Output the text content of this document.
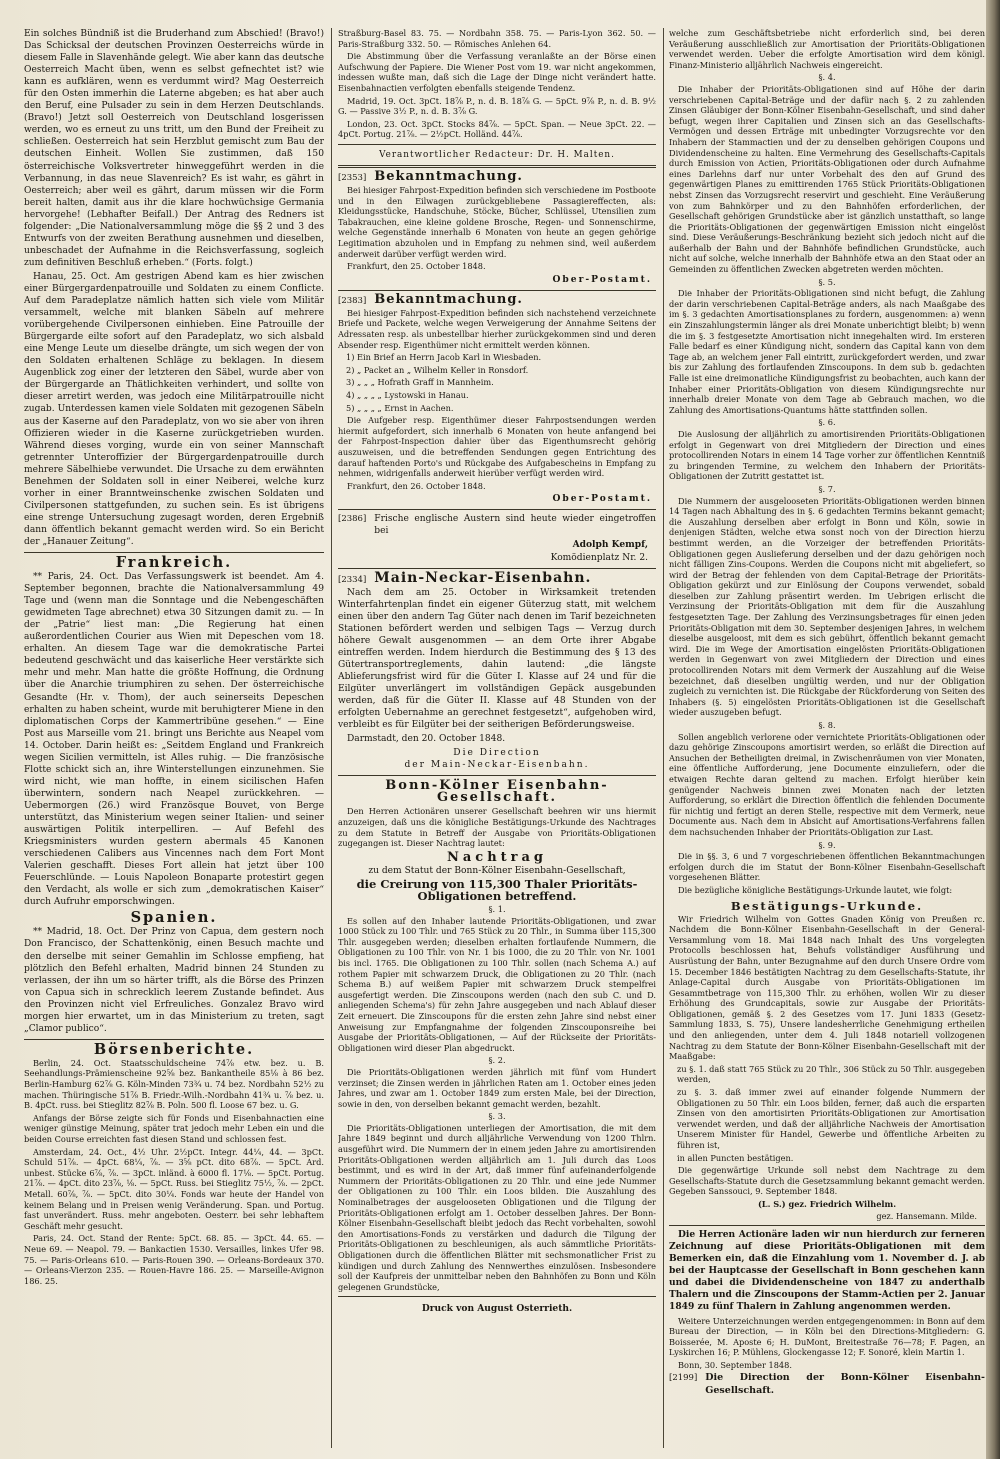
Ein solches Bündniß ist die Bruderhand zum Abschied! (Bravo!) Das Schicksal der deutschen Provinzen Oesterreichs würde in diesem Falle in Slavenhände gelegt. Wie aber kann das deutsche Oesterreich Macht üben, wenn es selbst gefnechtet ist? wie kann es aufklären, wenn es verdummt wird? Mag Oesterreich für den Osten immerhin die Laterne abgeben; es hat aber auch den Beruf, eine Pulsader zu sein in dem Herzen Deutschlands. (Bravo!) Jetzt soll Oesterreich von Deutschland losgerissen werden, wo es erneut zu uns tritt, um den Bund der Freiheit zu schließen. Oesterreich hat sein Herzblut gemischt zum Bau der deutschen Einheit. Wollen Sie zustimmen, daß 150 österreichische Volksvertreter hinweggeführt werden in die Verbannung, in das neue Slavenreich? Es ist wahr, es gährt in Oesterreich; aber weil es gährt, darum müssen wir die Form bereit halten, damit aus ihr die klare hochwüchsige Germania hervorgehe! (Lebhafter Beifall.) Der Antrag des Redners ist folgender: „Die Nationalversammlung möge die §§ 2 und 3 des Entwurfs von der zweiten Berathung ausnehmen und dieselben, unbeschadet der Aufnahme in die Reichsverfassung, sogleich zum definitiven Beschluß erheben.“ (Forts. folgt.)

Hanau, 25. Oct. Am gestrigen Abend kam es hier zwischen einer Bürgergardenpatrouille und Soldaten zu einem Conflicte. Auf dem Paradeplatze nämlich hatten sich viele vom Militär versammelt, welche mit blanken Säbeln auf mehrere vorübergehende Civilpersonen einhieben. Eine Patrouille der Bürgergarde eilte sofort auf den Paradeplatz, wo sich alsbald eine Menge Leute um dieselbe drängte, um sich wegen der von den Soldaten erhaltenen Schläge zu beklagen. In diesem Augenblick zog einer der letzteren den Säbel, wurde aber von der Bürgergarde an Thätlichkeiten verhindert, und sollte von dieser arretirt werden, was jedoch eine Militärpatrouille nicht zugab. Unterdessen kamen viele Soldaten mit gezogenen Säbeln aus der Kaserne auf den Paradeplatz, von wo sie aber von ihren Offizieren wieder in die Kaserne zurückgetrieben wurden. Während dieses vorging, wurde ein von seiner Mannschaft getrennter Unteroffizier der Bürgergardenpatrouille durch mehrere Säbelhiebe verwundet. Die Ursache zu dem erwähnten Benehmen der Soldaten soll in einer Neiberei, welche kurz vorher in einer Branntweinschenke zwischen Soldaten und Civilpersonen stattgefunden, zu suchen sein. Es ist übrigens eine strenge Untersuchung zugesagt worden, deren Ergebniß dann öffentlich bekannt gemacht werden wird. So ein Bericht der „Hanauer Zeitung“.

Frankreich.

** Paris, 24. Oct. Das Verfassungswerk ist beendet. Am 4. September begonnen, brachte die Nationalversammlung 49 Tage und (wenn man die Sonntage und die Nebengeschäften gewidmeten Tage abrechnet) etwa 30 Sitzungen damit zu. — In der „Patrie“ liest man: „Die Regierung hat einen außerordentlichen Courier aus Wien mit Depeschen vom 18. erhalten. An diesem Tage war die demokratische Partei bedeutend geschwächt und das kaiserliche Heer verstärkte sich mehr und mehr. Man hatte die größte Hoffnung, die Ordnung über die Anarchie triumphiren zu sehen. Der österreichische Gesandte (Hr. v. Thom), der auch seinerseits Depeschen erhalten zu haben scheint, wurde mit beruhigterer Miene in den diplomatischen Corps der Kammertribüne gesehen.“ — Eine Post aus Marseille vom 21. bringt uns Berichte aus Neapel vom 14. October. Darin heißt es: „Seitdem England und Frankreich wegen Sicilien vermitteln, ist Alles ruhig. — Die französische Flotte schickt sich an, ihre Winterstellungen einzunehmen. Sie wird nicht, wie man hoffte, in einem sicilischen Hafen überwintern, sondern nach Neapel zurückkehren. — Uebermorgen (26.) wird Französque Bouvet, von Berge unterstützt, das Ministerium wegen seiner Italien- und seiner auswärtigen Politik interpelliren. — Auf Befehl des Kriegsministers wurden gestern abermals 45 Kanonen verschiedenen Calibers aus Vincennes nach dem Fort Mont Valerien geschafft. Dieses Fort allein hat jetzt über 100 Feuerschlünde. — Louis Napoleon Bonaparte protestirt gegen den Verdacht, als wolle er sich zum „demokratischen Kaiser“ durch Aufruhr emporschwingen.

Spanien.

** Madrid, 18. Oct. Der Prinz von Capua, dem gestern noch Don Francisco, der Schattenkönig, einen Besuch machte und den derselbe mit seiner Gemahlin im Schlosse empfieng, hat plötzlich den Befehl erhalten, Madrid binnen 24 Stunden zu verlassen, der ihn um so härter trifft, als die Börse des Prinzen von Capua sich in schrecklich leerem Zustande befindet. Aus den Provinzen nicht viel Erfreuliches. Gonzalez Bravo wird morgen hier erwartet, um in das Ministerium zu treten, sagt „Clamor publico“.

Börsenberichte.

Berlin, 24. Oct. Staatsschuldscheine 74⅞ etw. bez. u. B. Seehandlungs-Prämienscheine 92⅝ bez. Bankantheile 85⅛ à 86 bez. Berlin-Hamburg 62⅞ G. Köln-Minden 73¾ u. 74 bez. Nordbahn 52½ zu machen. Thüringische 51⅞ B. Friedr.-Wilh.-Nordbahn 41¾ u. ⅞ bez. u. B. 4pCt. russ. bei Stieglitz 82⅞ B. Poln. 500 fl. Loose 67 bez. u. G.

Anfangs der Börse zeigte sich für Fonds und Eisenbahnactien eine weniger günstige Meinung, später trat jedoch mehr Leben ein und die beiden Course erreichten fast diesen Stand und schlossen fest.

Amsterdam, 24. Oct., 4½ Uhr. 2½pCt. Integr. 44¼, 44. — 3pCt. Schuld 51⅞. — 4pCt. 68¼, ⅞. — 3⅝ pCt. dito 68⅞. — 5pCt. Ard. unbest. Stücke 6⅞, ⅞. — 3pCt. inländ. à 6000 fl. 17⅛. — 5pCt. Portug. 21⅞. — 4pCt. dito 23⅞, ⅛. — 5pCt. Russ. bei Stieglitz 75½, ⅞. — 2pCt. Metall. 60⅞, ⅞. — 5pCt. dito 30¼. Fonds war heute der Handel von keinem Belang und in Preisen wenig Veränderung. Span. und Portug. fast unverändert. Russ. mehr angeboten. Oesterr. bei sehr lebhaftem Geschäft mehr gesucht.

Paris, 24. Oct. Stand der Rente: 5pCt. 68. 85. — 3pCt. 44. 65. — Neue 69. — Neapol. 79. — Bankactien 1530. Versailles, linkes Ufer 98. 75. — Paris-Orleans 610. — Paris-Rouen 390. — Orleans-Bordeaux 370. — Orleans-Vierzon 235. — Rouen-Havre 186. 25. — Marseille-Avignon 186. 25.

Straßburg-Basel 83. 75. — Nordbahn 358. 75. — Paris-Lyon 362. 50. — Paris-Straßburg 332. 50. — Römisches Anlehen 64.

Die Abstimmung über die Verfassung veranlaßte an der Börse einen Aufschwung der Papiere. Die Wiener Post vom 19. war nicht angekommen, indessen wußte man, daß sich die Lage der Dinge nicht verändert hatte. Eisenbahnactien verfolgten ebenfalls steigende Tendenz.

Madrid, 19. Oct. 3pCt. 18⅞ P., n. d. B. 18⅞ G. — 5pCt. 9⅞ P., n. d. B. 9½ G. — Passive 3½ P., n. d. B. 3⅞ G.

London, 23. Oct. 3pCt. Stocks 84⅞. — 5pCt. Span. — Neue 3pCt. 22. — 4pCt. Portug. 21⅞. — 2½pCt. Holländ. 44⅞.

Verantwortlicher Redacteur: Dr. H. Malten.
[2353] Bekanntmachung.

Bei hiesiger Fahrpost-Expedition befinden sich verschiedene im Postboote und in den Eilwagen zurückgebliebene Passagiereffecten, als: Kleidungsstücke, Handschuhe, Stöcke, Bücher, Schlüssel, Utensilien zum Tabakrauchen, eine kleine goldene Brosche, Regen- und Sonnenschirme, welche Gegenstände innerhalb 6 Monaten von heute an gegen gehörige Legitimation abzuholen und in Empfang zu nehmen sind, weil außerdem anderweit darüber verfügt werden wird.

Frankfurt, den 25. October 1848.

Ober-Postamt.
[2383] Bekanntmachung.

Bei hiesiger Fahrpost-Expedition befinden sich nachstehend verzeichnete Briefe und Packete, welche wegen Verweigerung der Annahme Seitens der Adressaten resp. als unbestellbar hierher zurückgekommen sind und deren Absender resp. Eigenthümer nicht ermittelt werden können.

1) Ein Brief an Herrn Jacob Karl in Wiesbaden.

2) „ Packet an „ Wilhelm Keller in Ronsdorf.

3) „ „ „ Hofrath Graff in Mannheim.

4) „ „ „ „ Lystowski in Hanau.

5) „ „ „ „ Ernst in Aachen.

Die Aufgeber resp. Eigenthümer dieser Fahrpostsendungen werden hiermit aufgefordert, sich innerhalb 6 Monaten von heute anfangend bei der Fahrpost-Inspection dahier über das Eigenthumsrecht gehörig auszuweisen, und die betreffenden Sendungen gegen Entrichtung des darauf haftenden Porto's und Rückgabe des Aufgabescheins in Empfang zu nehmen, widrigenfalls anderweit hierüber verfügt werden wird.

Frankfurt, den 26. October 1848.

Ober-Postamt.
[2386] Frische englische Austern sind heute wieder eingetroffen bei
Adolph Kempf,
Komödienplatz Nr. 2.
[2334] Main-Neckar-Eisenbahn.

Nach dem am 25. October in Wirksamkeit tretenden Winterfahrtenplan findet ein eigener Güterzug statt, mit welchem einen über den andern Tag Güter nach denen im Tarif bezeichneten Stationen befördert werden und selbigen Tags — Verzug durch höhere Gewalt ausgenommen — an dem Orte ihrer Abgabe eintreffen werden. Indem hierdurch die Bestimmung des § 13 des Gütertransportreglements, dahin lautend: „die längste Ablieferungsfrist wird für die Güter I. Klasse auf 24 und für die Eilgüter unverlängert im vollständigen Gepäck ausgebunden werden, daß für die Güter II. Klasse auf 48 Stunden von der erfolgten Uebernahme an gerechnet festgesetzt“, aufgehoben wird, verbleibt es für Eilgüter bei der seitherigen Beförderungsweise.

Darmstadt, den 20. October 1848.

Die Direction
der Main-Neckar-Eisenbahn.
Bonn-Kölner Eisenbahn-Gesellschaft.

Den Herren Actionären unserer Gesellschaft beehren wir uns hiermit anzuzeigen, daß uns die königliche Bestätigungs-Urkunde des Nachtrages zu dem Statute in Betreff der Ausgabe von Prioritäts-Obligationen zugegangen ist. Dieser Nachtrag lautet:

Nachtrag
zu dem Statut der Bonn-Kölner Eisenbahn-Gesellschaft,
die Creirung von 115,300 Thaler Prioritäts-Obligationen betreffend.
§. 1.

Es sollen auf den Inhaber lautende Prioritäts-Obligationen, und zwar 1000 Stück zu 100 Thlr. und 765 Stück zu 20 Thlr., in Summa über 115,300 Thlr. ausgegeben werden; dieselben erhalten fortlaufende Nummern, die Obligationen zu 100 Thlr. von Nr. 1 bis 1000, die zu 20 Thlr. von Nr. 1001 bis incl. 1765. Die Obligationen zu 100 Thlr. sollen (nach Schema A.) auf rothem Papier mit schwarzem Druck, die Obligationen zu 20 Thlr. (nach Schema B.) auf weißem Papier mit schwarzem Druck stempelfrei ausgefertigt werden. Die Zinscoupons werden (nach den sub C. und D. anliegenden Schema's) für zehn Jahre ausgegeben und nach Ablauf dieser Zeit erneuert. Die Zinscoupons für die ersten zehn Jahre sind nebst einer Anweisung zur Empfangnahme der folgenden Zinscouponsreihe bei Ausgabe der Prioritäts-Obligationen, — Auf der Rückseite der Prioritäts-Obligationen wird dieser Plan abgedruckt.

§. 2.

Die Prioritäts-Obligationen werden jährlich mit fünf vom Hundert verzinset; die Zinsen werden in jährlichen Raten am 1. October eines jeden Jahres, und zwar am 1. October 1849 zum ersten Male, bei der Direction, sowie in den, von derselben bekannt gemacht werden, bezahlt.

§. 3.

Die Prioritäts-Obligationen unterliegen der Amortisation, die mit dem Jahre 1849 beginnt und durch alljährliche Verwendung von 1200 Thlrn. ausgeführt wird. Die Nummern der in einem jeden Jahre zu amortisirenden Prioritäts-Obligationen werden alljährlich am 1. Juli durch das Loos bestimmt, und es wird in der Art, daß immer fünf aufeinanderfolgende Nummern der Prioritäts-Obligationen zu 20 Thlr. und eine jede Nummer der Obligationen zu 100 Thlr. ein Loos bilden. Die Auszahlung des Nominalbetrages der ausgelooseten Obligationen und die Tilgung der Prioritäts-Obligationen erfolgt am 1. October desselben Jahres. Der Bonn-Kölner Eisenbahn-Gesellschaft bleibt jedoch das Recht vorbehalten, sowohl den Amortisations-Fonds zu verstärken und dadurch die Tilgung der Prioritäts-Obligationen zu beschleunigen, als auch sämmtliche Prioritäts-Obligationen durch die öffentlichen Blätter mit sechsmonatlicher Frist zu kündigen und durch Zahlung des Nennwerthes einzulösen. Insbesondere soll der Kaufpreis der unmittelbar neben den Bahnhöfen zu Bonn und Köln gelegenen Grundstücke,

Druck von August Osterrieth.

welche zum Geschäftsbetriebe nicht erforderlich sind, bei deren Veräußerung ausschließlich zur Amortisation der Prioritäts-Obligationen verwendet werden. Ueber die erfolgte Amortisation wird dem königl. Finanz-Ministerio alljährlich Nachweis eingereicht.

§. 4.

Die Inhaber der Prioritäts-Obligationen sind auf Höhe der darin verschriebenen Capital-Beträge und der dafür nach §. 2 zu zahlenden Zinsen Gläubiger der Bonn-Kölner Eisenbahn-Gesellschaft, und sind daher befugt, wegen ihrer Capitalien und Zinsen sich an das Gesellschafts-Vermögen und dessen Erträge mit unbedingter Vorzugsrechte vor den Inhabern der Stammactien und der zu denselben gehörigen Coupons und Dividendenscheine zu halten. Eine Vermehrung des Gesellschafts-Capitals durch Emission von Actien, Prioritäts-Obligationen oder durch Aufnahme eines Darlehns darf nur unter Vorbehalt des den auf Grund des gegenwärtigen Planes zu emittirenden 1765 Stück Prioritäts-Obligationen nebst Zinsen das Vorzugsrecht reservirt und geschieht. Eine Veräußerung von zum Bahnkörper und zu den Bahnhöfen erforderlichen, der Gesellschaft gehörigen Grundstücke aber ist gänzlich unstatthaft, so lange die Prioritäts-Obligationen der gegenwärtigen Emission nicht eingelöst sind. Diese Veräußerungs-Beschränkung bezieht sich jedoch nicht auf die außerhalb der Bahn und der Bahnhöfe befindlichen Grundstücke, auch nicht auf solche, welche innerhalb der Bahnhöfe etwa an den Staat oder an Gemeinden zu öffentlichen Zwecken abgetreten werden möchten.

§. 5.

Die Inhaber der Prioritäts-Obligationen sind nicht befugt, die Zahlung der darin verschriebenen Capital-Beträge anders, als nach Maaßgabe des im §. 3 gedachten Amortisationsplanes zu fordern, ausgenommen: a) wenn ein Zinszahlungstermin länger als drei Monate unberichtigt bleibt; b) wenn die im §. 3 festgesetzte Amortisation nicht innegehalten wird. Im ersteren Falle bedarf es einer Kündigung nicht, sondern das Capital kann von dem Tage ab, an welchem jener Fall eintritt, zurückgefordert werden, und zwar bis zur Zahlung des fortlaufenden Zinscoupons. In dem sub b. gedachten Falle ist eine dreimonatliche Kündigungsfrist zu beobachten, auch kann der Inhaber einer Prioritäts-Obligation von diesem Kündigungsrechte nur innerhalb dreier Monate von dem Tage ab Gebrauch machen, wo die Zahlung des Amortisations-Quantums hätte stattfinden sollen.

§. 6.

Die Auslosung der alljährlich zu amortisirenden Prioritäts-Obligationen erfolgt in Gegenwart von drei Mitgliedern der Direction und eines protocollirenden Notars in einem 14 Tage vorher zur öffentlichen Kenntniß zu bringenden Termine, zu welchem den Inhabern der Prioritäts-Obligationen der Zutritt gestattet ist.

§. 7.

Die Nummern der ausgelooseten Prioritäts-Obligationen werden binnen 14 Tagen nach Abhaltung des in §. 6 gedachten Termins bekannt gemacht; die Auszahlung derselben aber erfolgt in Bonn und Köln, sowie in denjenigen Städten, welche etwa sonst noch von der Direction hierzu bestimmt werden, an die Vorzeiger der betreffenden Prioritäts-Obligationen gegen Auslieferung derselben und der dazu gehörigen noch nicht fälligen Zins-Coupons. Werden die Coupons nicht mit abgeliefert, so wird der Betrag der fehlenden von dem Capital-Betrage der Prioritäts-Obligation gekürzt und zur Einlösung der Coupons verwendet, sobald dieselben zur Zahlung präsentirt werden. Im Uebrigen erlischt die Verzinsung der Prioritäts-Obligation mit dem für die Auszahlung festgesetzten Tage. Der Zahlung des Verzinsungsbetrages für einen jeden Prioritäts-Obligation mit dem 30. September desjenigen Jahres, in welchem dieselbe ausgeloost, mit dem es sich gebührt, öffentlich bekannt gemacht wird. Die im Wege der Amortisation eingelösten Prioritäts-Obligationen werden in Gegenwart von zwei Mitgliedern der Direction und eines protocollirenden Notars mit dem Vermerk der Auszahlung auf die Weise bezeichnet, daß dieselben ungültig werden, und nur der Obligation zugleich zu vernichten ist. Die Rückgabe der Rückforderung von Seiten des Inhabers (§. 5) eingelösten Prioritäts-Obligationen ist die Gesellschaft wieder auszugeben befugt.

§. 8.

Sollen angeblich verlorene oder vernichtete Prioritäts-Obligationen oder dazu gehörige Zinscoupons amortisirt werden, so erläßt die Direction auf Ansuchen der Betheiligten dreimal, in Zwischenräumen von vier Monaten, eine öffentliche Aufforderung, jene Documente einzuliefern, oder die etwaigen Rechte daran geltend zu machen. Erfolgt hierüber kein genügender Nachweis binnen zwei Monaten nach der letzten Aufforderung, so erklärt die Direction öffentlich die fehlenden Documente für nichtig und fertigt an deren Stelle, respective mit dem Vermerk, neue Documente aus. Nach dem in Absicht auf Amortisations-Verfahrens fallen dem nachsuchenden Inhaber der Prioritäts-Obligation zur Last.

§. 9.

Die in §§. 3, 6 und 7 vorgeschriebenen öffentlichen Bekanntmachungen erfolgen durch die im Statut der Bonn-Kölner Eisenbahn-Gesellschaft vorgesehenen Blätter.

Die bezügliche königliche Bestätigungs-Urkunde lautet, wie folgt:

Bestätigungs-Urkunde.

Wir Friedrich Wilhelm von Gottes Gnaden König von Preußen rc. Nachdem die Bonn-Kölner Eisenbahn-Gesellschaft in der General-Versammlung vom 18. Mai 1848 nach Inhalt des Uns vorgelegten Protocolls beschlossen hat, Behufs vollständiger Ausführung und Ausrüstung der Bahn, unter Bezugnahme auf den durch Unsere Ordre vom 15. December 1846 bestätigten Nachtrag zu dem Gesellschafts-Statute, ihr Anlage-Capital durch Ausgabe von Prioritäts-Obligationen im Gesammtbetrage von 115,300 Thlr. zu erhöhen, wollen Wir zu dieser Erhöhung des Grundcapitals, sowie zur Ausgabe der Prioritäts-Obligationen, gemäß §. 2 des Gesetzes vom 17. Juni 1833 (Gesetz-Sammlung 1833, S. 75), Unsere landesherrliche Genehmigung ertheilen und den anliegenden, unter dem 4. Juli 1848 notariell vollzogenen Nachtrag zu dem Statute der Bonn-Kölner Eisenbahn-Gesellschaft mit der Maaßgabe:

zu §. 1. daß statt 765 Stück zu 20 Thlr., 306 Stück zu 50 Thlr. ausgegeben werden,

zu §. 3. daß immer zwei auf einander folgende Nummern der Obligationen zu 50 Thlr. ein Loos bilden, ferner, daß auch die ersparten Zinsen von den amortisirten Prioritäts-Obligationen zur Amortisation verwendet werden, und daß der alljährliche Nachweis der Amortisation Unserem Minister für Handel, Gewerbe und öffentliche Arbeiten zu führen ist,

in allen Puncten bestätigen.

Die gegenwärtige Urkunde soll nebst dem Nachtrage zu dem Gesellschafts-Statute durch die Gesetzsammlung bekannt gemacht werden. Gegeben Sanssouci, 9. September 1848.

(L. S.) gez. Friedrich Wilhelm.
gez. Hansemann. Milde.

Die Herren Actionäre laden wir nun hierdurch zur ferneren Zeichnung auf diese Prioritäts-Obligationen mit dem Bemerken ein, daß die Einzahlung vom 1. November d. J. ab bei der Hauptcasse der Gesellschaft in Bonn geschehen kann und dabei die Dividendenscheine von 1847 zu anderthalb Thalern und die Zinscoupons der Stamm-Actien per 2. Januar 1849 zu fünf Thalern in Zahlung angenommen werden.

Weitere Unterzeichnungen werden entgegengenommen: in Bonn auf dem Bureau der Direction, — in Köln bei den Directions-Mitgliedern: G. Boisserée, M. Aposte 6; H. DuMont, Breitestraße 76—78; F. Pagen, an Lyskirchen 16; P. Mühlens, Glockengasse 12; F. Sonoré, klein Martin 1.

Bonn, 30. September 1848.

[2199] Die Direction der Bonn-Kölner Eisenbahn-Gesellschaft.
